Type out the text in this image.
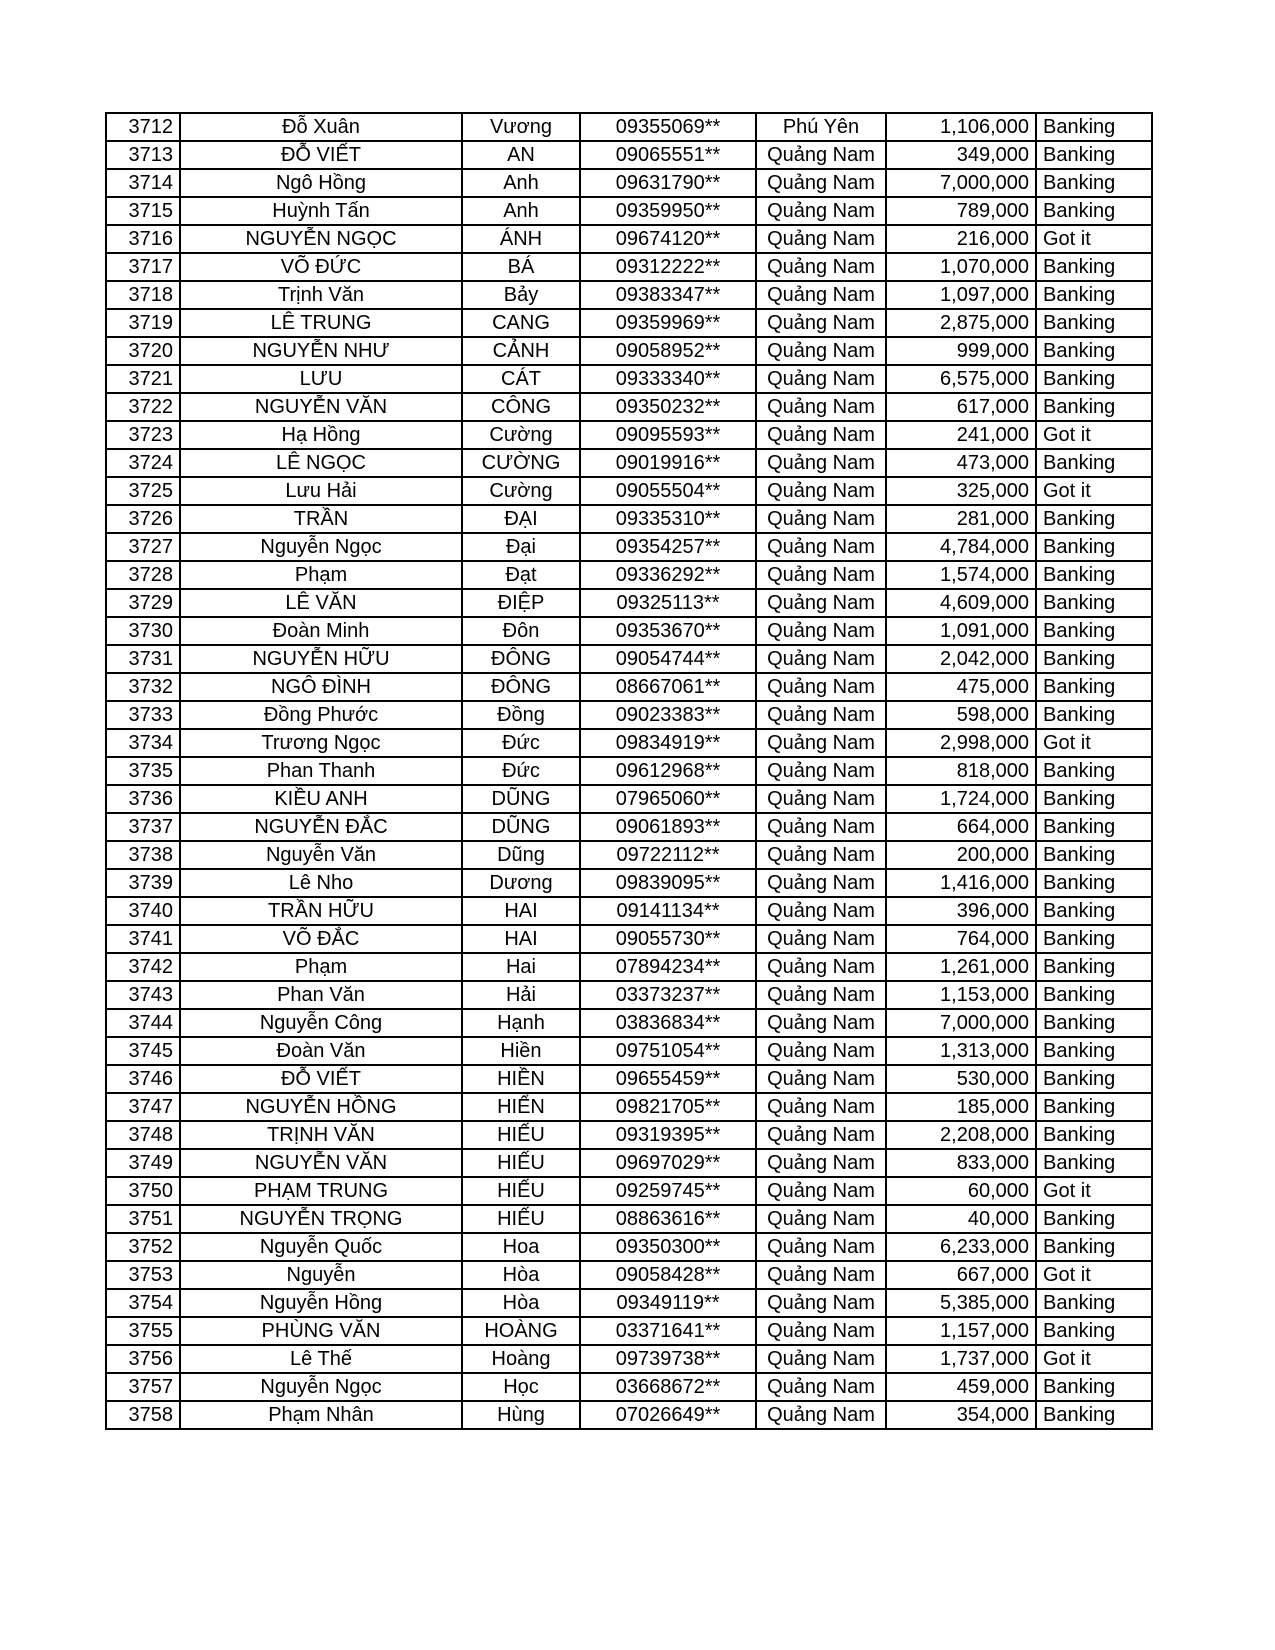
3712	Đỗ Xuân	Vương	09355069**	Phú Yên	1,106,000	Banking
3713	ĐỖ VIẾT	AN	09065551**	Quảng Nam	349,000	Banking
3714	Ngô Hồng	Anh	09631790**	Quảng Nam	7,000,000	Banking
3715	Huỳnh Tấn	Anh	09359950**	Quảng Nam	789,000	Banking
3716	NGUYỄN NGỌC	ÁNH	09674120**	Quảng Nam	216,000	Got it
3717	VÕ ĐỨC	BÁ	09312222**	Quảng Nam	1,070,000	Banking
3718	Trịnh Văn	Bảy	09383347**	Quảng Nam	1,097,000	Banking
3719	LÊ TRUNG	CANG	09359969**	Quảng Nam	2,875,000	Banking
3720	NGUYỄN NHƯ	CẢNH	09058952**	Quảng Nam	999,000	Banking
3721	LƯU	CÁT	09333340**	Quảng Nam	6,575,000	Banking
3722	NGUYỄN VĂN	CÔNG	09350232**	Quảng Nam	617,000	Banking
3723	Hạ Hồng	Cường	09095593**	Quảng Nam	241,000	Got it
3724	LÊ NGỌC	CƯỜNG	09019916**	Quảng Nam	473,000	Banking
3725	Lưu Hải	Cường	09055504**	Quảng Nam	325,000	Got it
3726	TRẦN	ĐẠI	09335310**	Quảng Nam	281,000	Banking
3727	Nguyễn Ngọc	Đại	09354257**	Quảng Nam	4,784,000	Banking
3728	Phạm	Đạt	09336292**	Quảng Nam	1,574,000	Banking
3729	LÊ VĂN	ĐIỆP	09325113**	Quảng Nam	4,609,000	Banking
3730	Đoàn Minh	Đôn	09353670**	Quảng Nam	1,091,000	Banking
3731	NGUYỄN HỮU	ĐÔNG	09054744**	Quảng Nam	2,042,000	Banking
3732	NGÔ ĐÌNH	ĐÔNG	08667061**	Quảng Nam	475,000	Banking
3733	Đồng Phước	Đồng	09023383**	Quảng Nam	598,000	Banking
3734	Trương Ngọc	Đức	09834919**	Quảng Nam	2,998,000	Got it
3735	Phan Thanh	Đức	09612968**	Quảng Nam	818,000	Banking
3736	KIỀU ANH	DŨNG	07965060**	Quảng Nam	1,724,000	Banking
3737	NGUYỄN ĐẮC	DŨNG	09061893**	Quảng Nam	664,000	Banking
3738	Nguyễn Văn	Dũng	09722112**	Quảng Nam	200,000	Banking
3739	Lê Nho	Dương	09839095**	Quảng Nam	1,416,000	Banking
3740	TRẦN HỮU	HAI	09141134**	Quảng Nam	396,000	Banking
3741	VÕ ĐẮC	HAI	09055730**	Quảng Nam	764,000	Banking
3742	Phạm	Hai	07894234**	Quảng Nam	1,261,000	Banking
3743	Phan Văn	Hải	03373237**	Quảng Nam	1,153,000	Banking
3744	Nguyễn Công	Hạnh	03836834**	Quảng Nam	7,000,000	Banking
3745	Đoàn Văn	Hiền	09751054**	Quảng Nam	1,313,000	Banking
3746	ĐỖ VIẾT	HIỀN	09655459**	Quảng Nam	530,000	Banking
3747	NGUYỄN HỒNG	HIỂN	09821705**	Quảng Nam	185,000	Banking
3748	TRỊNH VĂN	HIẾU	09319395**	Quảng Nam	2,208,000	Banking
3749	NGUYỄN VĂN	HIẾU	09697029**	Quảng Nam	833,000	Banking
3750	PHẠM TRUNG	HIẾU	09259745**	Quảng Nam	60,000	Got it
3751	NGUYỄN TRỌNG	HIẾU	08863616**	Quảng Nam	40,000	Banking
3752	Nguyễn Quốc	Hoa	09350300**	Quảng Nam	6,233,000	Banking
3753	Nguyễn	Hòa	09058428**	Quảng Nam	667,000	Got it
3754	Nguyễn Hồng	Hòa	09349119**	Quảng Nam	5,385,000	Banking
3755	PHÙNG VĂN	HOÀNG	03371641**	Quảng Nam	1,157,000	Banking
3756	Lê Thế	Hoàng	09739738**	Quảng Nam	1,737,000	Got it
3757	Nguyễn Ngọc	Học	03668672**	Quảng Nam	459,000	Banking
3758	Phạm Nhân	Hùng	07026649**	Quảng Nam	354,000	Banking
